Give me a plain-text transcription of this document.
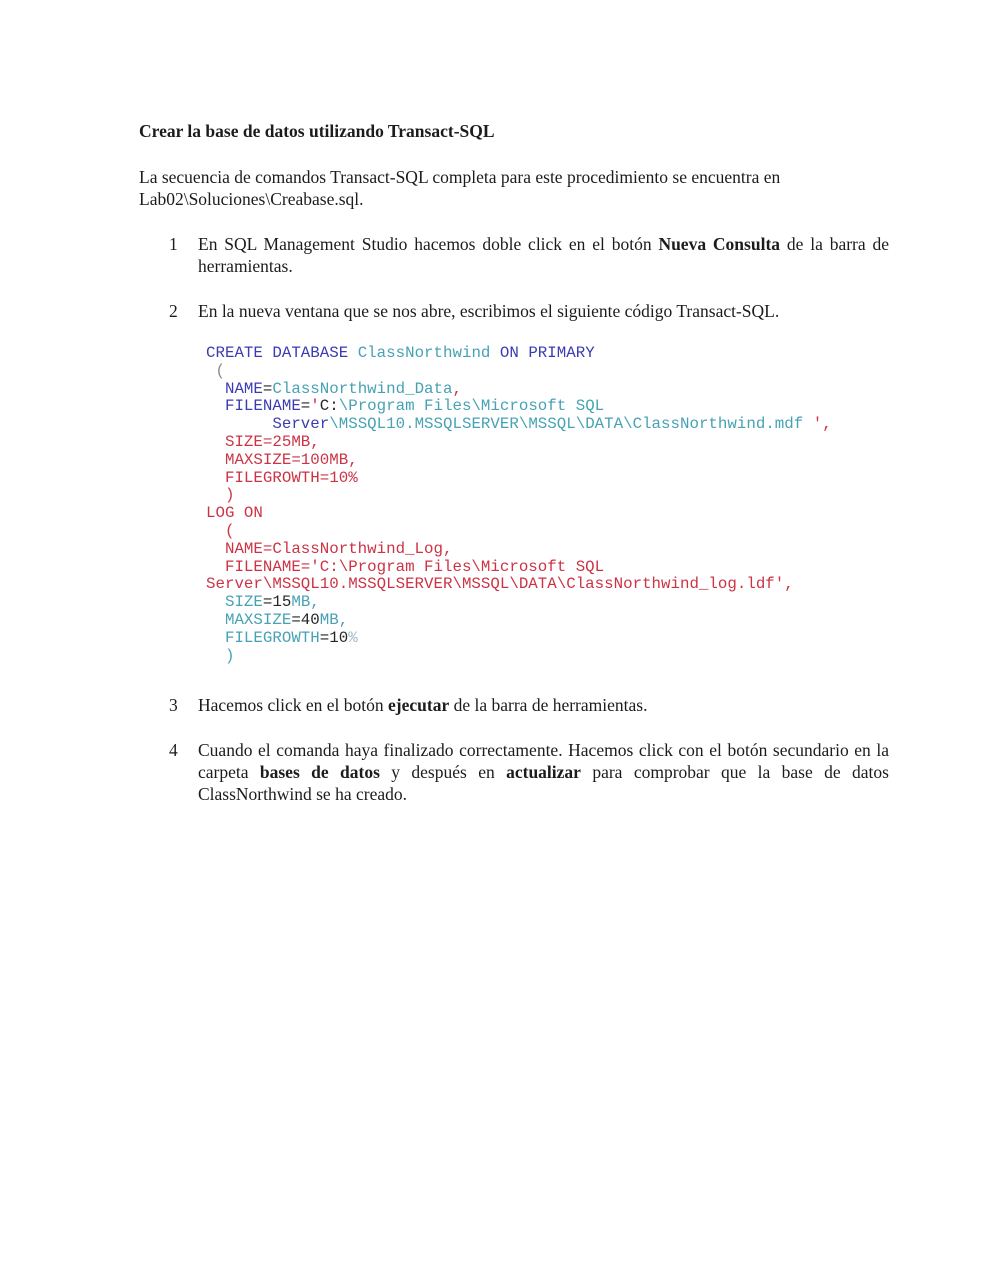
Crear la base de datos utilizando Transact-SQL

La secuencia de comandos Transact-SQL completa para este procedimiento se encuentra en Lab02\Soluciones\Creabase.sql.

1	En SQL Management Studio hacemos doble click en el botón Nueva Consulta de la barra de herramientas.
2	En la nueva ventana que se nos abre, escribimos el siguiente código Transact-SQL.
CREATE DATABASE ClassNorthwind ON PRIMARY
(
NAME=ClassNorthwind_Data,
FILENAME='C:\Program Files\Microsoft SQL
Server\MSSQL10.MSSQLSERVER\MSSQL\DATA\ClassNorthwind.mdf ',
SIZE=25MB,
MAXSIZE=100MB,
FILEGROWTH=10%
)
LOG ON
(
NAME=ClassNorthwind_Log,
FILENAME='C:\Program Files\Microsoft SQL
Server\MSSQL10.MSSQLSERVER\MSSQL\DATA\ClassNorthwind_log.ldf',
SIZE=15MB,
MAXSIZE=40MB,
FILEGROWTH=10%
)
3	Hacemos click en el botón ejecutar de la barra de herramientas.
4	Cuando el comanda haya finalizado correctamente. Hacemos click con el botón secundario en la carpeta bases de datos y después en actualizar para comprobar que la base de datos ClassNorthwind se ha creado.
